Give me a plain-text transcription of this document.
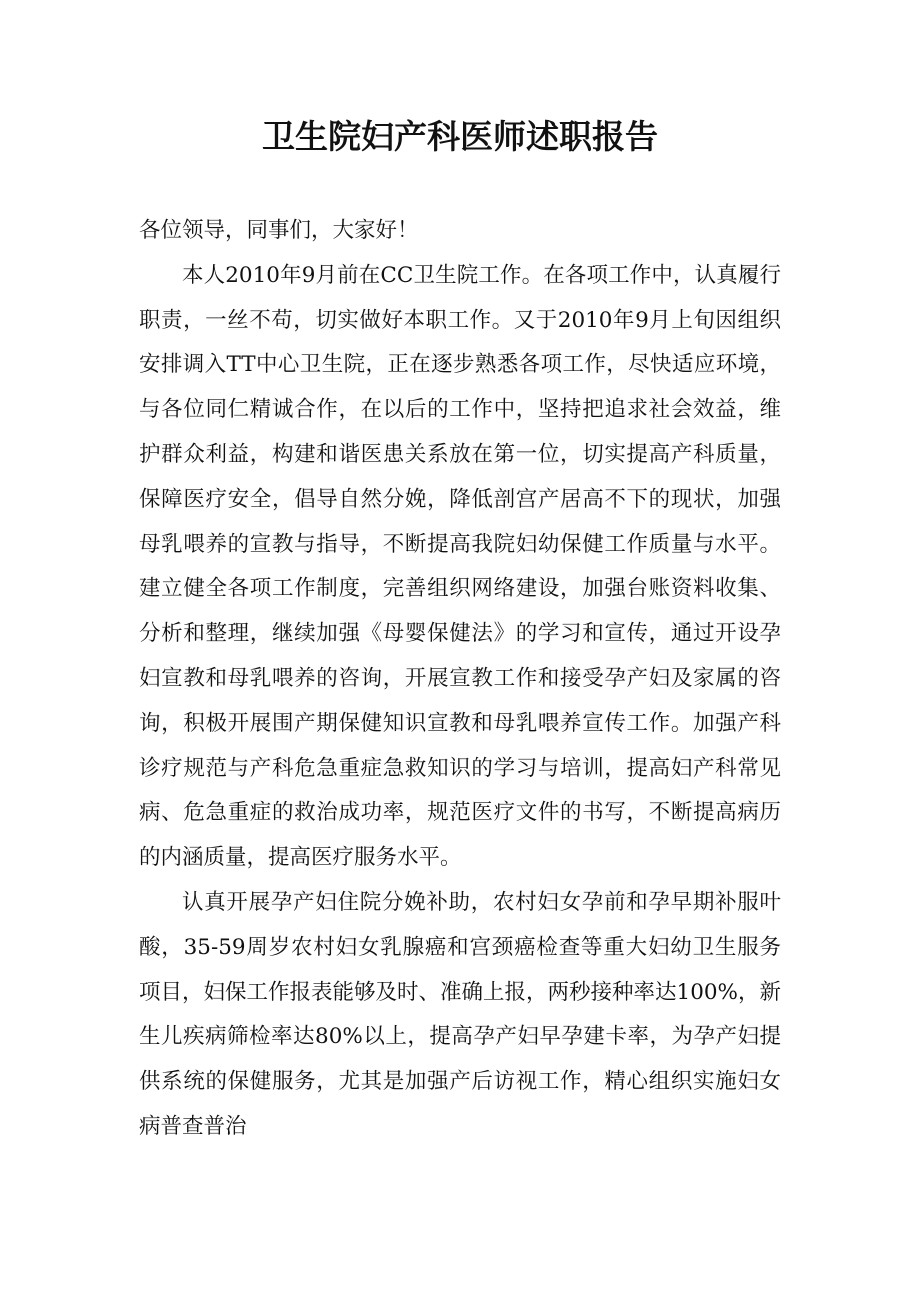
卫生院妇产科医师述职报告

各位领导，同事们，大家好！

本人2010年9月前在CC卫生院工作。在各项工作中，认真履行职责，一丝不苟，切实做好本职工作。又于2010年9月上旬因组织安排调入TT中心卫生院，正在逐步熟悉各项工作，尽快适应环境，与各位同仁精诚合作，在以后的工作中，坚持把追求社会效益，维护群众利益，构建和谐医患关系放在第一位，切实提高产科质量，保障医疗安全，倡导自然分娩，降低剖宫产居高不下的现状，加强母乳喂养的宣教与指导，不断提高我院妇幼保健工作质量与水平。建立健全各项工作制度，完善组织网络建设，加强台账资料收集、分析和整理，继续加强《母婴保健法》的学习和宣传，通过开设孕妇宣教和母乳喂养的咨询，开展宣教工作和接受孕产妇及家属的咨询，积极开展围产期保健知识宣教和母乳喂养宣传工作。加强产科诊疗规范与产科危急重症急救知识的学习与培训，提高妇产科常见病、危急重症的救治成功率，规范医疗文件的书写，不断提高病历的内涵质量，提高医疗服务水平。

认真开展孕产妇住院分娩补助，农村妇女孕前和孕早期补服叶酸，35-59周岁农村妇女乳腺癌和宫颈癌检查等重大妇幼卫生服务项目，妇保工作报表能够及时、准确上报，两秒接种率达100%，新生儿疾病筛检率达80%以上，提高孕产妇早孕建卡率，为孕产妇提供系统的保健服务，尤其是加强产后访视工作，精心组织实施妇女病普查普治
